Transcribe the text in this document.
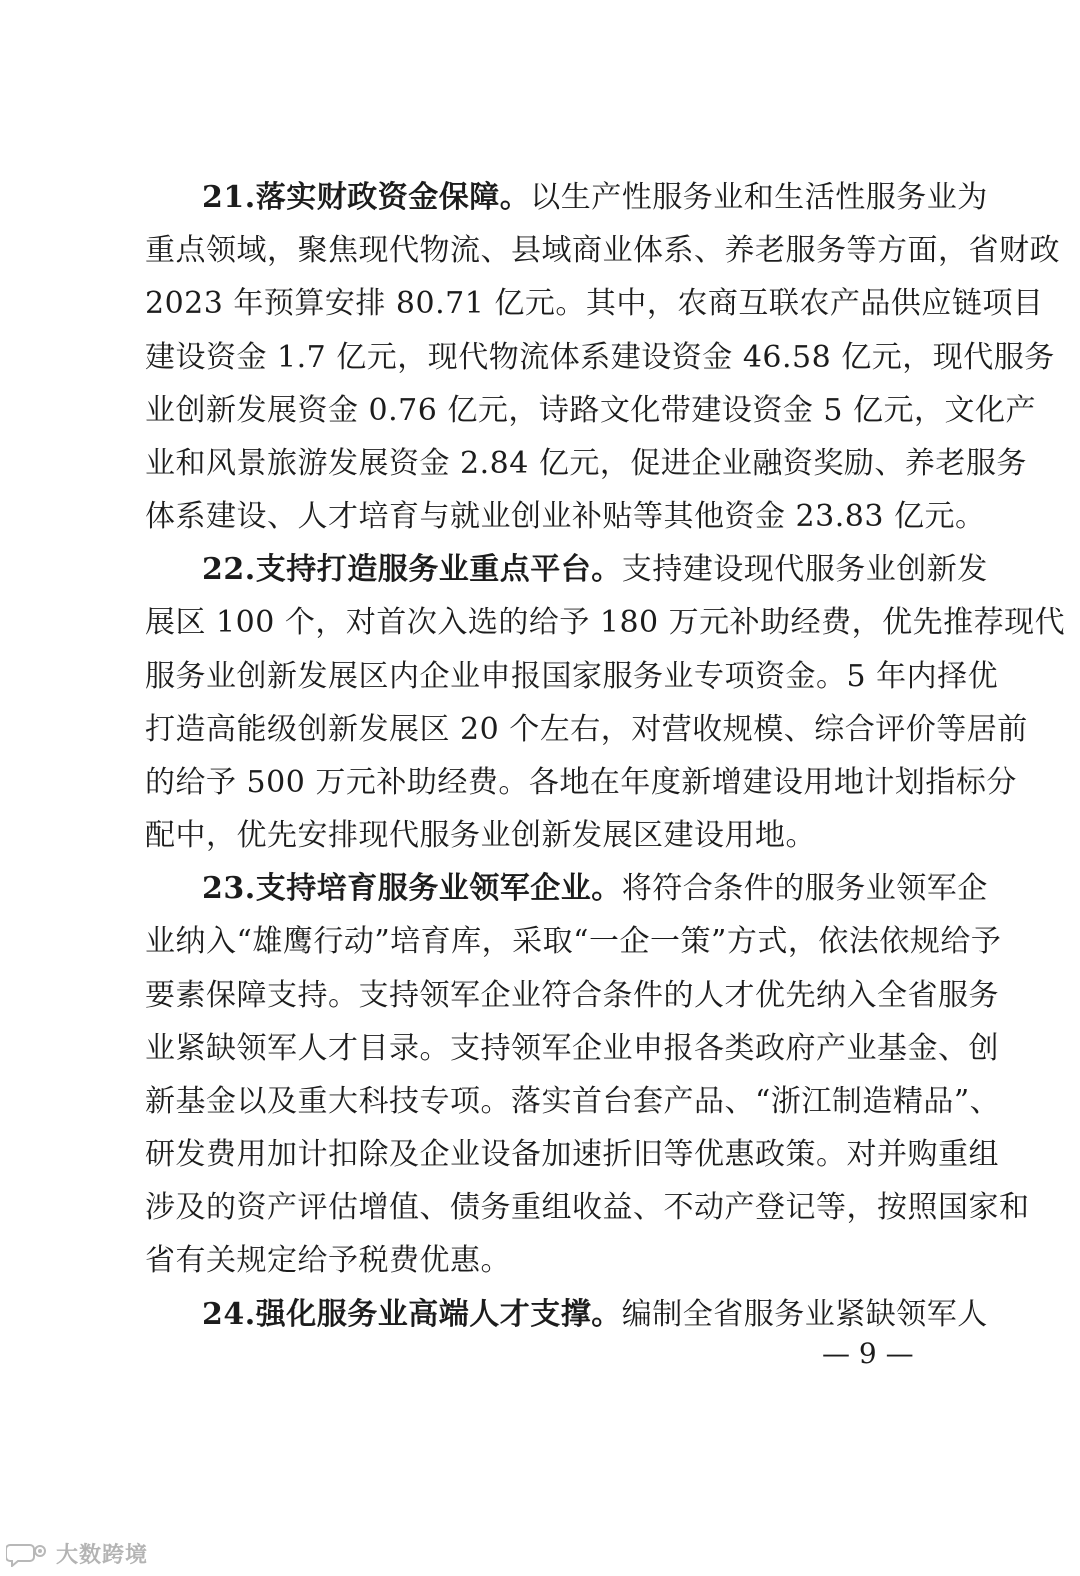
21.落实财政资金保障。以生产性服务业和生活性服务业为
重点领域，聚焦现代物流、县域商业体系、养老服务等方面，省财政
2023 年预算安排 80.71 亿元。其中，农商互联农产品供应链项目
建设资金 1.7 亿元，现代物流体系建设资金 46.58 亿元，现代服务
业创新发展资金 0.76 亿元，诗路文化带建设资金 5 亿元，文化产
业和风景旅游发展资金 2.84 亿元，促进企业融资奖励、养老服务
体系建设、人才培育与就业创业补贴等其他资金 23.83 亿元。
22.支持打造服务业重点平台。支持建设现代服务业创新发
展区 100 个，对首次入选的给予 180 万元补助经费，优先推荐现代
服务业创新发展区内企业申报国家服务业专项资金。5 年内择优
打造高能级创新发展区 20 个左右，对营收规模、综合评价等居前
的给予 500 万元补助经费。各地在年度新增建设用地计划指标分
配中，优先安排现代服务业创新发展区建设用地。
23.支持培育服务业领军企业。将符合条件的服务业领军企
业纳入“雄鹰行动”培育库，采取“一企一策”方式，依法依规给予
要素保障支持。支持领军企业符合条件的人才优先纳入全省服务
业紧缺领军人才目录。支持领军企业申报各类政府产业基金、创
新基金以及重大科技专项。落实首台套产品、“浙江制造精品”、
研发费用加计扣除及企业设备加速折旧等优惠政策。对并购重组
涉及的资产评估增值、债务重组收益、不动产登记等，按照国家和
省有关规定给予税费优惠。
24.强化服务业高端人才支撑。编制全省服务业紧缺领军人
— 9 —
大数跨境
